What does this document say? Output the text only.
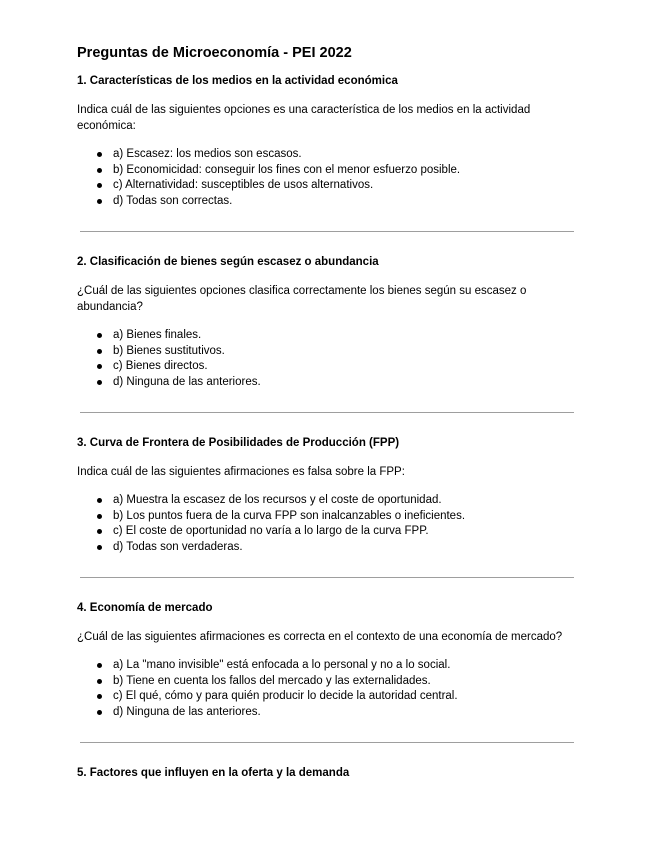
Preguntas de Microeconomía - PEI 2022
1. Características de los medios en la actividad económica

Indica cuál de las siguientes opciones es una característica de los medios en la actividad económica:

a) Escasez: los medios son escasos.
b) Economicidad: conseguir los fines con el menor esfuerzo posible.
c) Alternatividad: susceptibles de usos alternativos.
d) Todas son correctas.
2. Clasificación de bienes según escasez o abundancia

¿Cuál de las siguientes opciones clasifica correctamente los bienes según su escasez o abundancia?

a) Bienes finales.
b) Bienes sustitutivos.
c) Bienes directos.
d) Ninguna de las anteriores.
3. Curva de Frontera de Posibilidades de Producción (FPP)

Indica cuál de las siguientes afirmaciones es falsa sobre la FPP:

a) Muestra la escasez de los recursos y el coste de oportunidad.
b) Los puntos fuera de la curva FPP son inalcanzables o ineficientes.
c) El coste de oportunidad no varía a lo largo de la curva FPP.
d) Todas son verdaderas.
4. Economía de mercado

¿Cuál de las siguientes afirmaciones es correcta en el contexto de una economía de mercado?

a) La "mano invisible" está enfocada a lo personal y no a lo social.
b) Tiene en cuenta los fallos del mercado y las externalidades.
c) El qué, cómo y para quién producir lo decide la autoridad central.
d) Ninguna de las anteriores.
5. Factores que influyen en la oferta y la demanda
